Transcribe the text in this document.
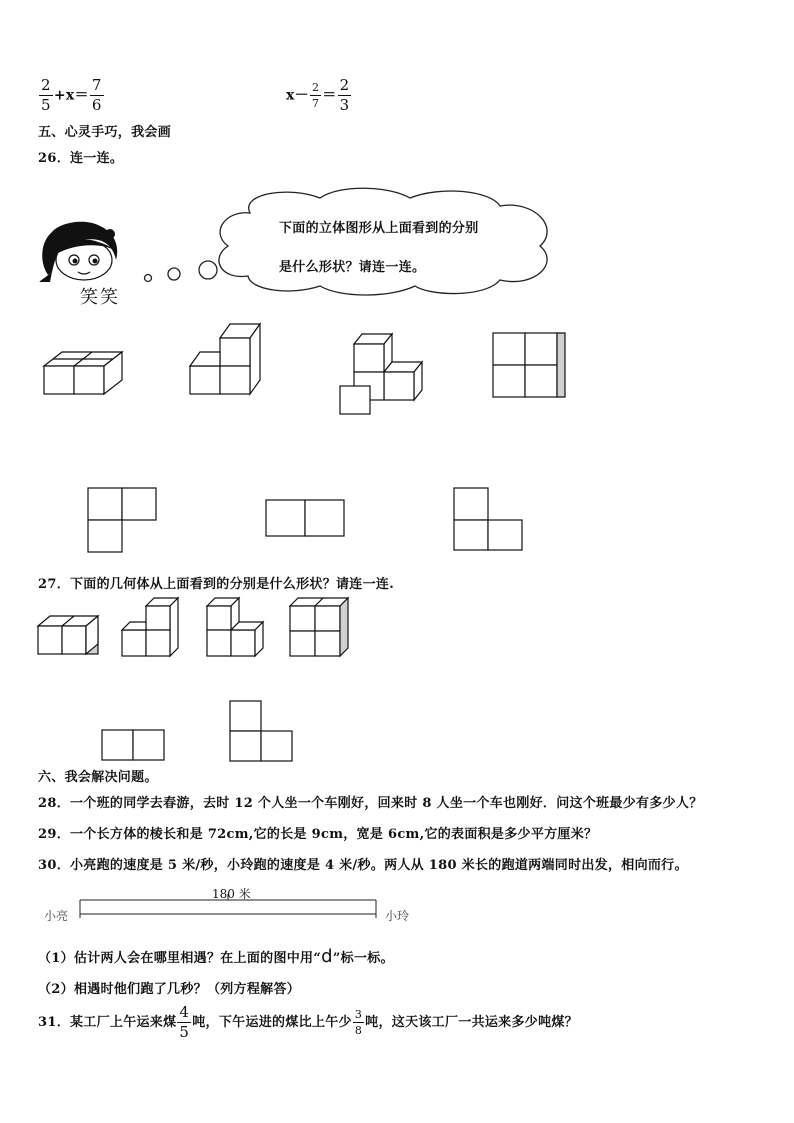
$\frac{2}{5} +x= \frac{7}{6}$	$x- \frac{2}{7} = \frac{2}{3}$
五、心灵手巧，我会画
26．连一连。
下面的立体图形从上面看到的分别
是什么形状？请连一连。
笑笑
27．下面的几何体从上面看到的分别是什么形状？请连一连.
六、我会解决问题。
28．一个班的同学去春游，去时 12 个人坐一个车刚好，回来时 8 人坐一个车也刚好．问这个班最少有多少人？
29．一个长方体的棱长和是 72cm,它的长是 9cm，宽是 6cm,它的表面积是多少平方厘米？
30．小亮跑的速度是 5 米/秒，小玲跑的速度是 4 米/秒。两人从 180 米长的跑道两端同时出发，相向而行。
180 米
小亮	小玲
（1）估计两人会在哪里相遇？在上面的图中用“d”标一标。
（2）相遇时他们跑了几秒？（列方程解答）
31．某工厂上午运来煤 $\frac{4}{5}$ 吨，下午运进的煤比上午少 $\frac{3}{8}$ 吨，这天该工厂一共运来多少吨煤？
